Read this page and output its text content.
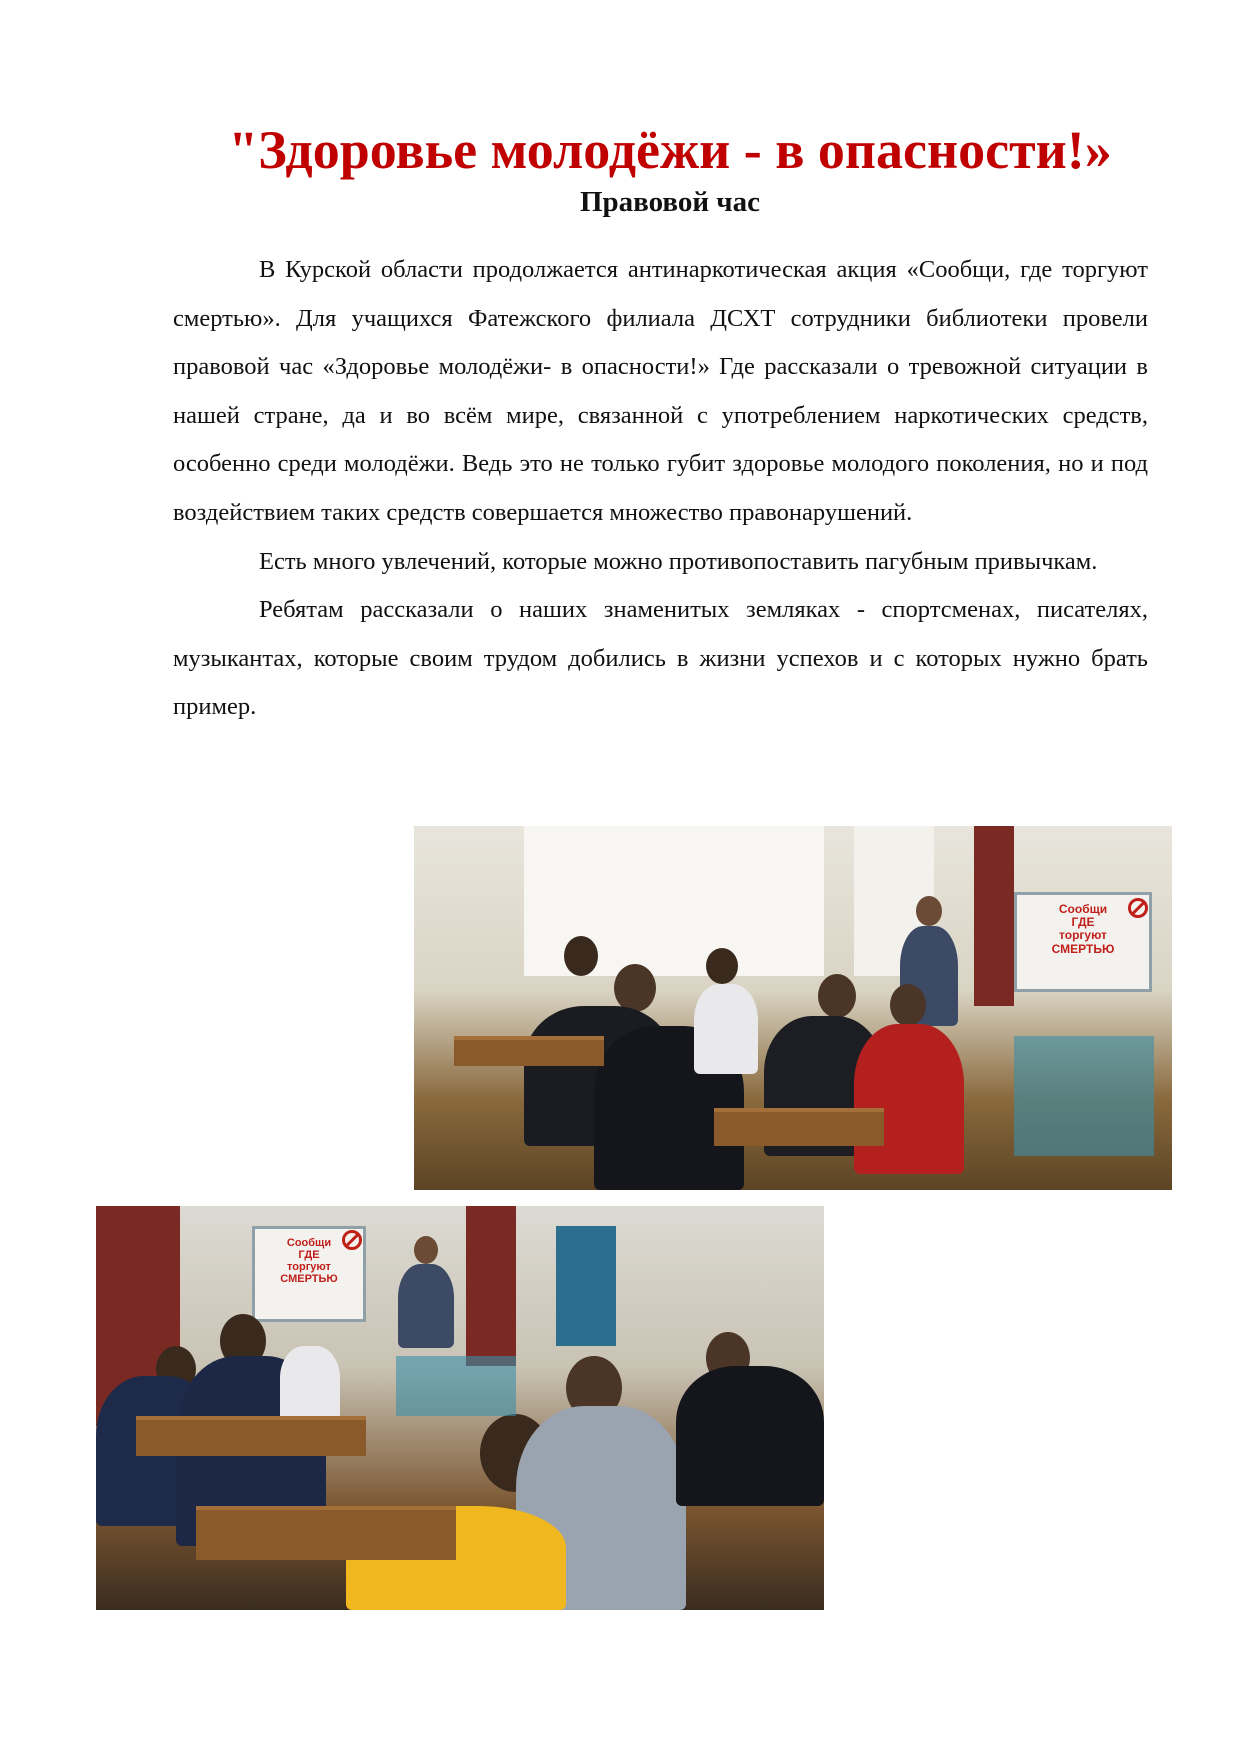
"Здоровье молодёжи - в опасности!»
Правовой час

В Курской области продолжается антинаркотическая акция «Сообщи, где торгуют смертью». Для учащихся Фатежского филиала ДСХТ сотрудники библиотеки провели правовой час «Здоровье молодёжи- в опасности!» Где рассказали о тревожной ситуации в нашей стране, да и во всём мире, связанной с употреблением наркотических средств, особенно среди молодёжи. Ведь это не только губит здоровье молодого поколения, но и под воздействием таких средств совершается множество правонарушений.

Есть много увлечений, которые можно противопоставить пагубным привычкам.

Ребятам рассказали о наших знаменитых земляках - спортсменах, писателях, музыкантах, которые своим трудом добились в жизни успехов и с которых нужно брать пример.

Сообщи
ГДЕ
торгуют
СМЕРТЬЮ
Сообщи
ГДЕ
торгуют
СМЕРТЬЮ
